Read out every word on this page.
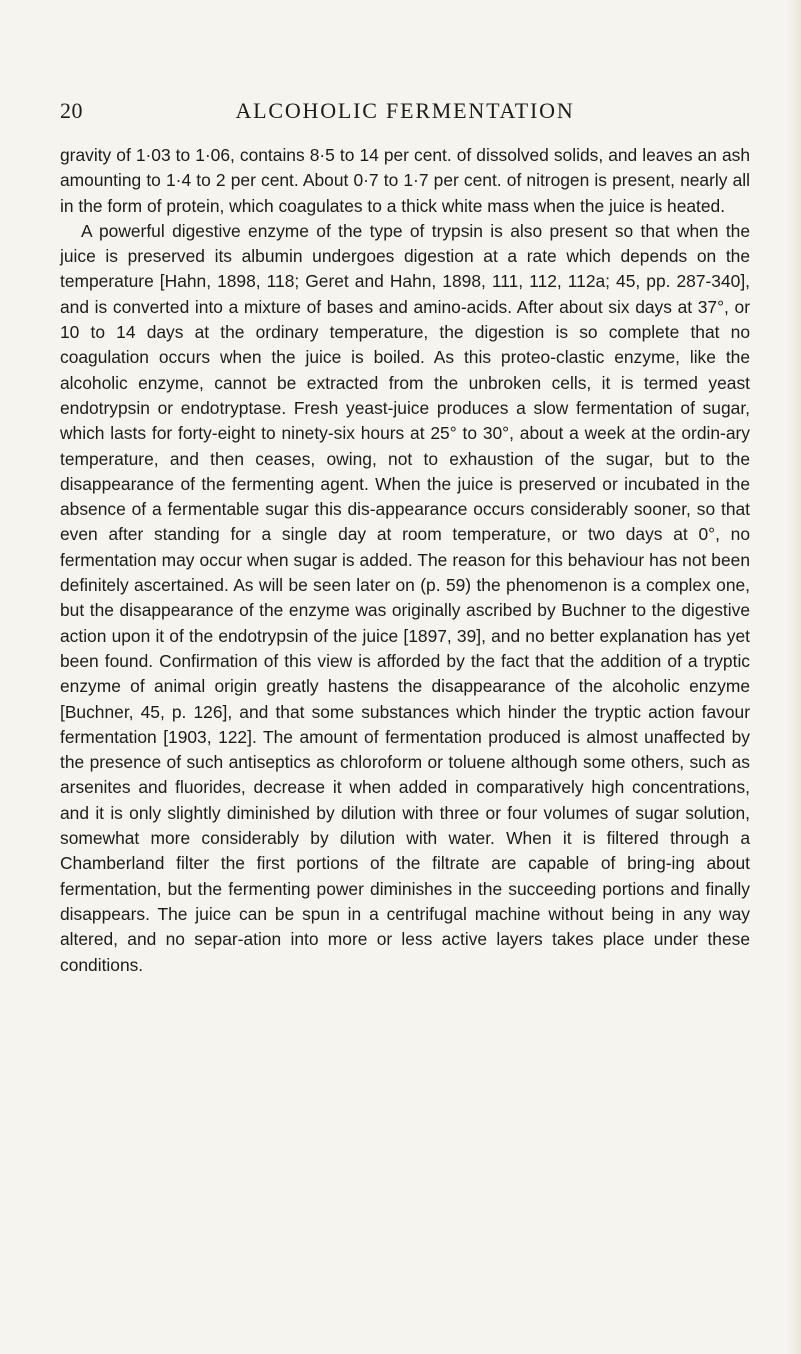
20	ALCOHOLIC FERMENTATION

gravity of 1·03 to 1·06, contains 8·5 to 14 per cent. of dissolved solids, and leaves an ash amounting to 1·4 to 2 per cent. About 0·7 to 1·7 per cent. of nitrogen is present, nearly all in the form of protein, which coagulates to a thick white mass when the juice is heated.

A powerful digestive enzyme of the type of trypsin is also present so that when the juice is preserved its albumin undergoes digestion at a rate which depends on the temperature [Hahn, 1898, 118; Geret and Hahn, 1898, 111, 112, 112a; 45, pp. 287-340], and is converted into a mixture of bases and amino-acids. After about six days at 37°, or 10 to 14 days at the ordinary temperature, the digestion is so complete that no coagulation occurs when the juice is boiled. As this proteo-clastic enzyme, like the alcoholic enzyme, cannot be extracted from the unbroken cells, it is termed yeast endotrypsin or endotryptase. Fresh yeast-juice produces a slow fermentation of sugar, which lasts for forty-eight to ninety-six hours at 25° to 30°, about a week at the ordin-ary temperature, and then ceases, owing, not to exhaustion of the sugar, but to the disappearance of the fermenting agent. When the juice is preserved or incubated in the absence of a fermentable sugar this dis-appearance occurs considerably sooner, so that even after standing for a single day at room temperature, or two days at 0°, no fermentation may occur when sugar is added. The reason for this behaviour has not been definitely ascertained. As will be seen later on (p. 59) the phenomenon is a complex one, but the disappearance of the enzyme was originally ascribed by Buchner to the digestive action upon it of the endotrypsin of the juice [1897, 39], and no better explanation has yet been found. Confirmation of this view is afforded by the fact that the addition of a tryptic enzyme of animal origin greatly hastens the disappearance of the alcoholic enzyme [Buchner, 45, p. 126], and that some substances which hinder the tryptic action favour fermentation [1903, 122]. The amount of fermentation produced is almost unaffected by the presence of such antiseptics as chloroform or toluene although some others, such as arsenites and fluorides, decrease it when added in comparatively high concentrations, and it is only slightly diminished by dilution with three or four volumes of sugar solution, somewhat more considerably by dilution with water. When it is filtered through a Chamberland filter the first portions of the filtrate are capable of bring-ing about fermentation, but the fermenting power diminishes in the succeeding portions and finally disappears. The juice can be spun in a centrifugal machine without being in any way altered, and no separ-ation into more or less active layers takes place under these conditions.
